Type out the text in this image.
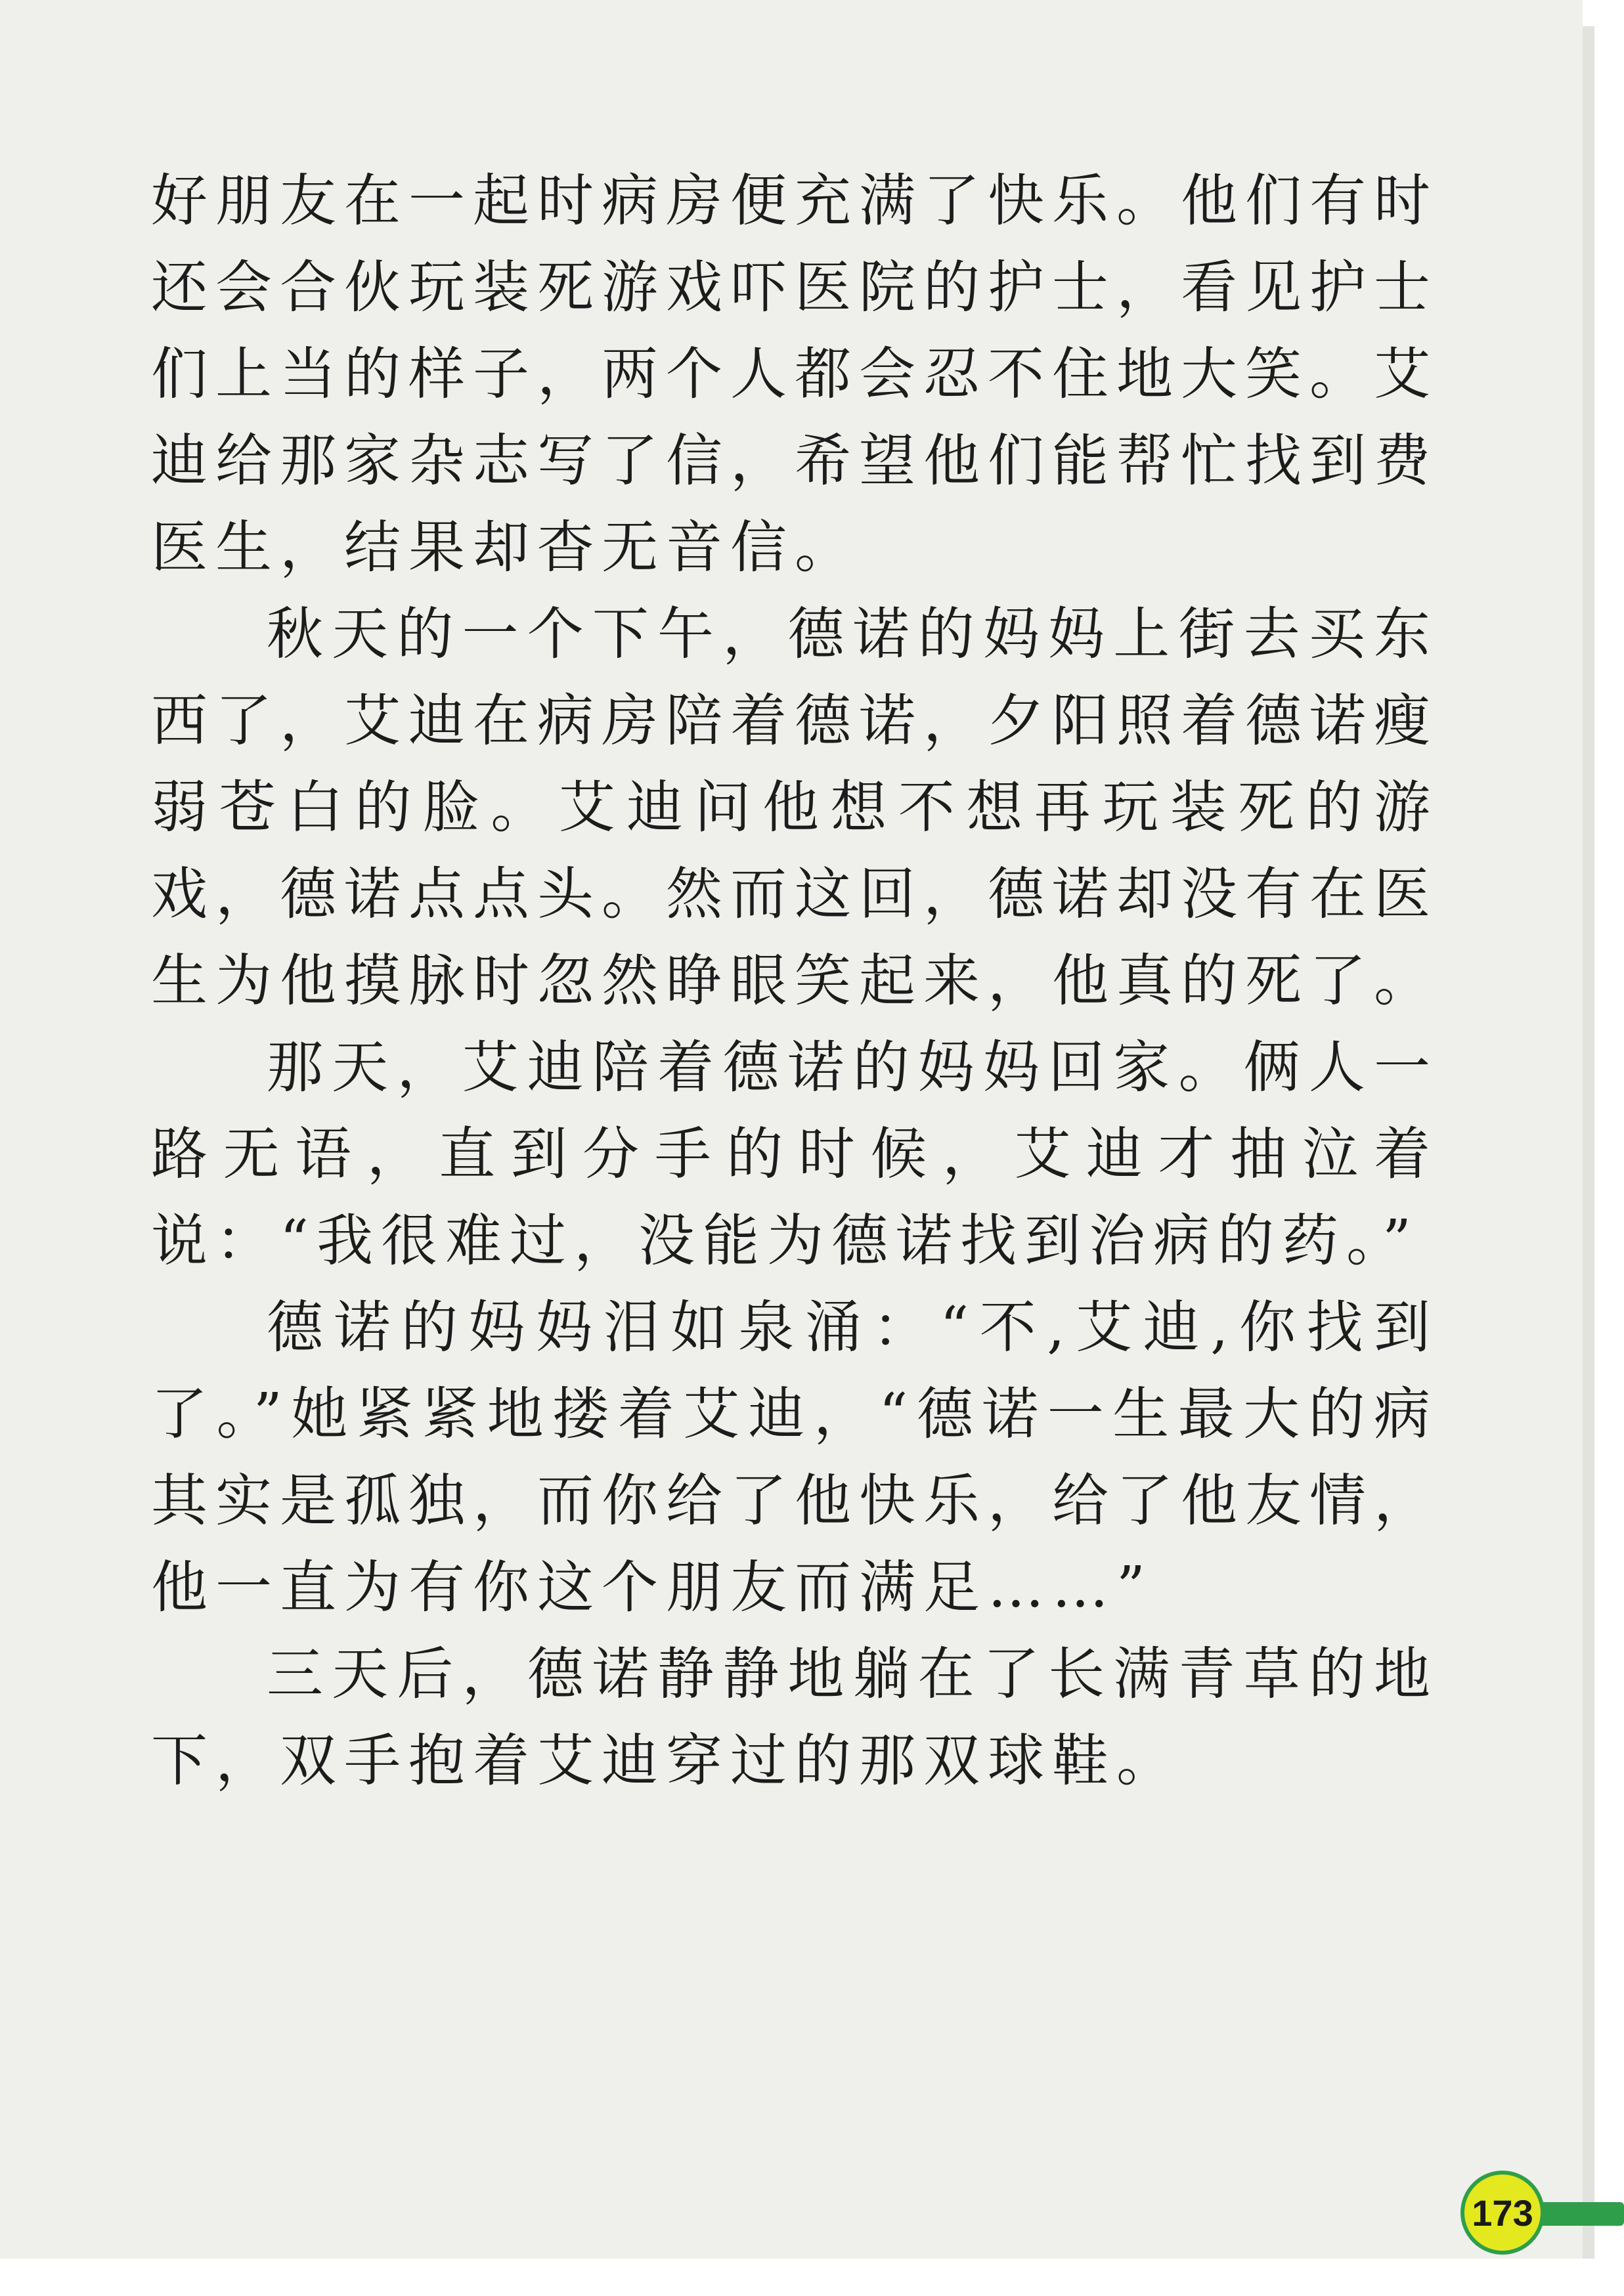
好朋友在一起时病房便充满了快乐。他们有时还会合伙玩装死游戏吓医院的护士，看见护士们上当的样子，两个人都会忍不住地大笑。艾迪给那家杂志写了信，希望他们能帮忙找到费医生，结果却杳无音信。

秋天的一个下午，德诺的妈妈上街去买东西了，艾迪在病房陪着德诺，夕阳照着德诺瘦弱苍白的脸。艾迪问他想不想再玩装死的游戏，德诺点点头。然而这回，德诺却没有在医生为他摸脉时忽然睁眼笑起来，他真的死了。

那天，艾迪陪着德诺的妈妈回家。俩人一路无语，直到分手的时候，艾迪才抽泣着说：“我很难过，没能为德诺找到治病的药。”

德诺的妈妈泪如泉涌：“不,艾迪,你找到了。”她紧紧地搂着艾迪，“德诺一生最大的病其实是孤独，而你给了他快乐，给了他友情，他一直为有你这个朋友而满足……”

三天后，德诺静静地躺在了长满青草的地下，双手抱着艾迪穿过的那双球鞋。

173
